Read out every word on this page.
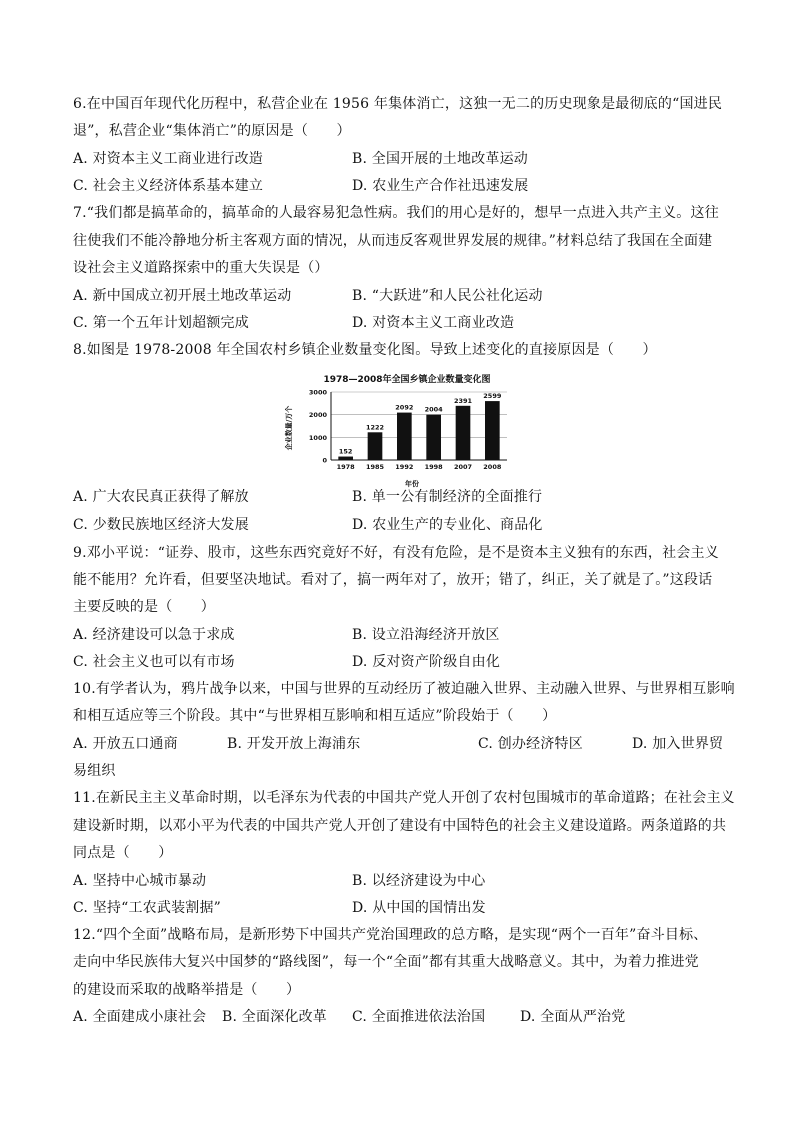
6.在中国百年现代化历程中，私营企业在 1956 年集体消亡，这独一无二的历史现象是最彻底的“国进民
退”，私营企业“集体消亡”的原因是（　　）
A. 对资本主义工商业进行改造	B. 全国开展的土地改革运动
C. 社会主义经济体系基本建立	D. 农业生产合作社迅速发展
7.“我们都是搞革命的，搞革命的人最容易犯急性病。我们的用心是好的，想早一点进入共产主义。这往
往使我们不能冷静地分析主客观方面的情况，从而违反客观世界发展的规律。”材料总结了我国在全面建
设社会主义道路探索中的重大失误是（）
A. 新中国成立初开展土地改革运动	B. “大跃进”和人民公社化运动
C. 第一个五年计划超额完成	D. 对资本主义工商业改造
8.如图是 1978-2008 年全国农村乡镇企业数量变化图。导致上述变化的直接原因是（　　）
1978—2008年全国乡镇企业数量变化图
企业数量/万个
年份
0
1000
2000
3000
152
1978
1222
1985
2092
1992
2004
1998
2391
2007
2599
2008
A. 广大农民真正获得了解放	B. 单一公有制经济的全面推行
C. 少数民族地区经济大发展	D. 农业生产的专业化、商品化
9.邓小平说：“证券、股市，这些东西究竟好不好，有没有危险，是不是资本主义独有的东西，社会主义
能不能用？允许看，但要坚决地试。看对了，搞一两年对了，放开；错了，纠正，关了就是了。”这段话
主要反映的是（　　）
A. 经济建设可以急于求成	B. 设立沿海经济开放区
C. 社会主义也可以有市场	D. 反对资产阶级自由化
10.有学者认为，鸦片战争以来，中国与世界的互动经历了被迫融入世界、主动融入世界、与世界相互影响
和相互适应等三个阶段。其中“与世界相互影响和相互适应”阶段始于（　　）
A. 开放五口通商	B. 开发开放上海浦东	C. 创办经济特区	D. 加入世界贸
易组织
11.在新民主主义革命时期，以毛泽东为代表的中国共产党人开创了农村包围城市的革命道路；在社会主义
建设新时期，以邓小平为代表的中国共产党人开创了建设有中国特色的社会主义建设道路。两条道路的共
同点是（　　）
A. 坚持中心城市暴动	B. 以经济建设为中心
C. 坚持“工农武装割据”	D. 从中国的国情出发
12.“四个全面”战略布局，是新形势下中国共产党治国理政的总方略，是实现“两个一百年”奋斗目标、
走向中华民族伟大复兴中国梦的“路线图”，每一个“全面”都有其重大战略意义。其中，为着力推进党
的建设而采取的战略举措是（　　）
A. 全面建成小康社会 B. 全面深化改革 C. 全面推进依法治国 D. 全面从严治党
